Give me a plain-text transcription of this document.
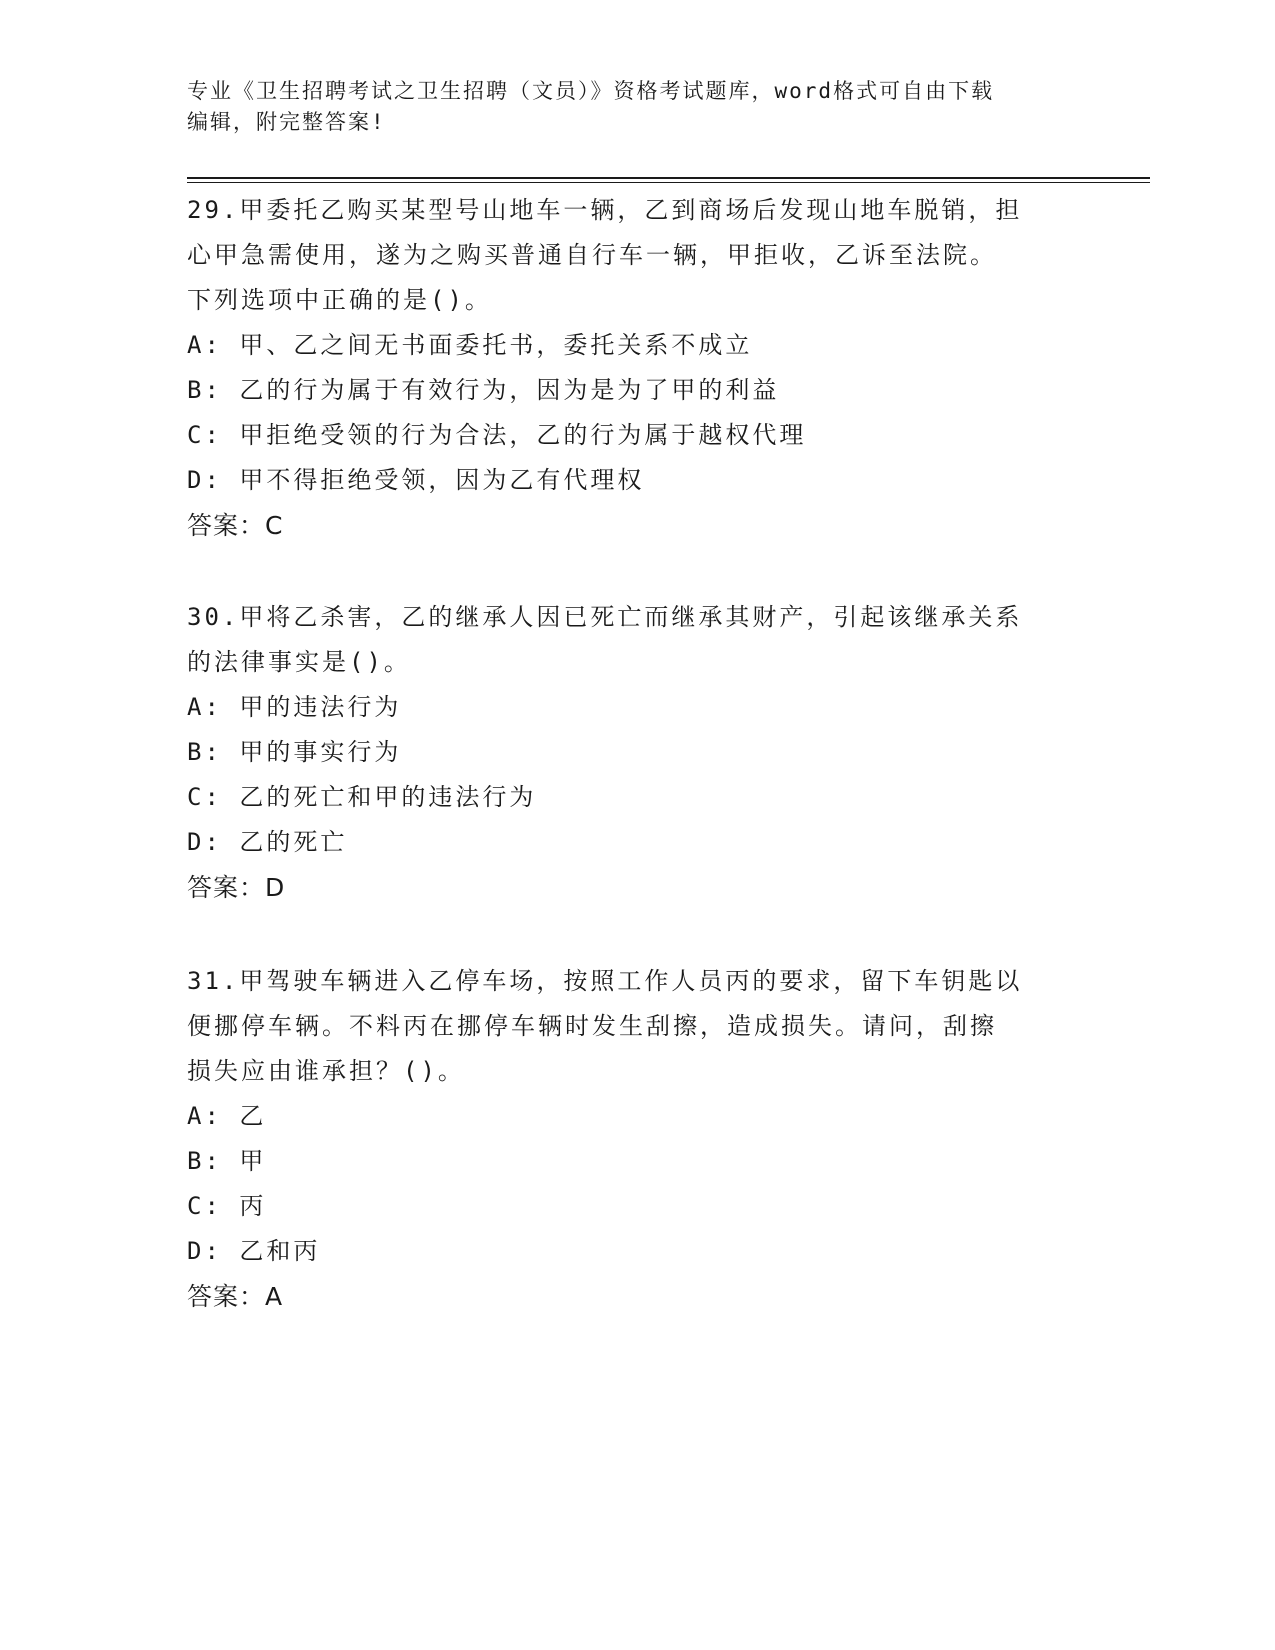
专业《卫生招聘考试之卫生招聘（文员）》资格考试题库，word格式可自由下载
编辑，附完整答案!

29.甲委托乙购买某型号山地车一辆，乙到商场后发现山地车脱销，担

心甲急需使用，遂为之购买普通自行车一辆，甲拒收，乙诉至法院。

下列选项中正确的是()。

A: 甲、乙之间无书面委托书，委托关系不成立

B: 乙的行为属于有效行为，因为是为了甲的利益

C: 甲拒绝受领的行为合法，乙的行为属于越权代理

D: 甲不得拒绝受领，因为乙有代理权

答案：C

30.甲将乙杀害，乙的继承人因已死亡而继承其财产，引起该继承关系

的法律事实是()。

A: 甲的违法行为

B: 甲的事实行为

C: 乙的死亡和甲的违法行为

D: 乙的死亡

答案：D

31.甲驾驶车辆进入乙停车场，按照工作人员丙的要求，留下车钥匙以

便挪停车辆。不料丙在挪停车辆时发生刮擦，造成损失。请问，刮擦

损失应由谁承担？()。

A: 乙

B: 甲

C: 丙

D: 乙和丙

答案：A
